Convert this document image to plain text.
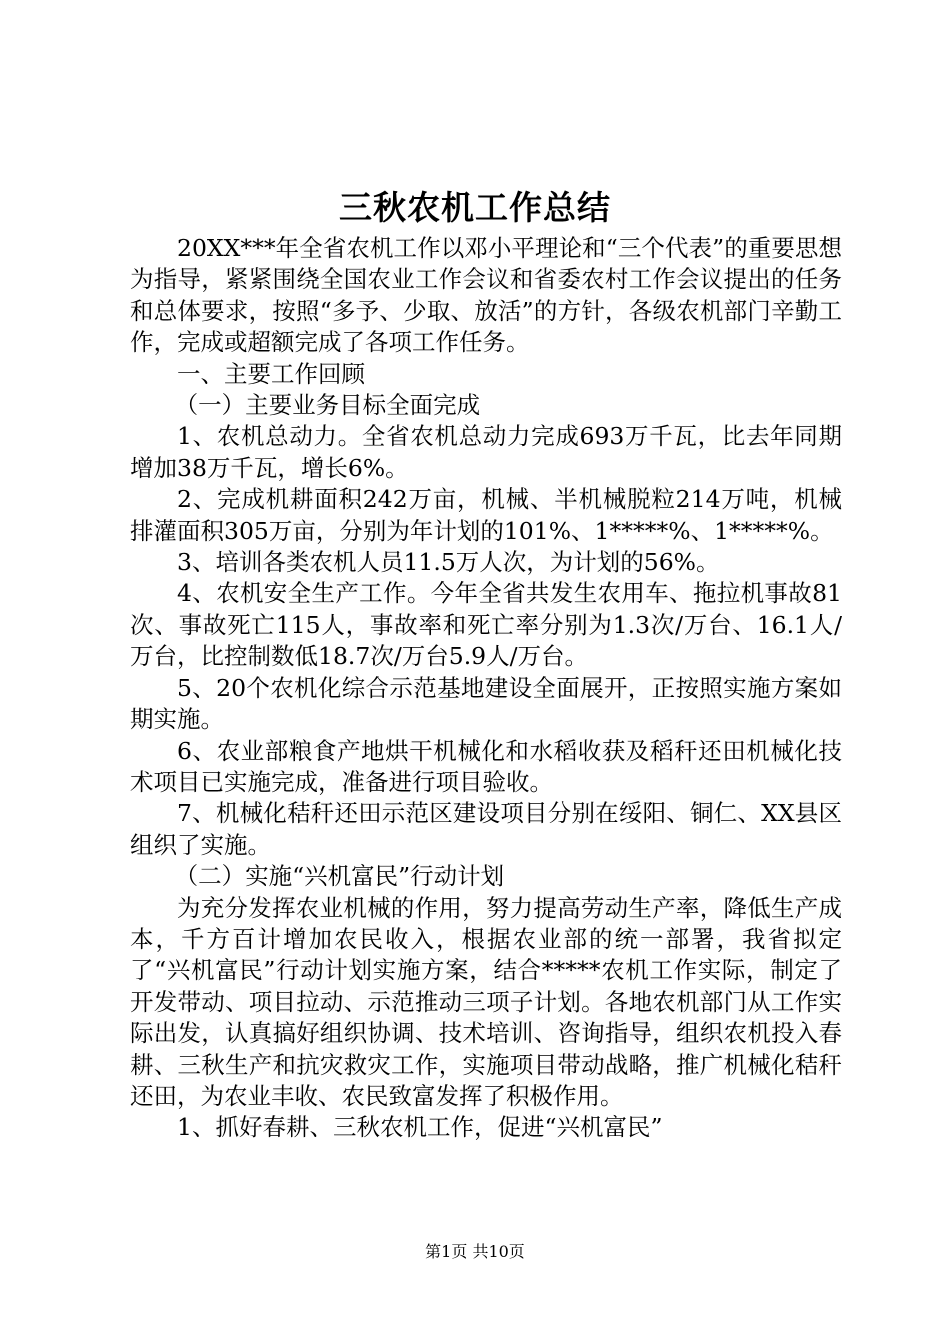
三秋农机工作总结

20XX***年全省农机工作以邓小平理论和“三个代表”的重要思想为指导，紧紧围绕全国农业工作会议和省委农村工作会议提出的任务和总体要求，按照“多予、少取、放活”的方针，各级农机部门辛勤工作，完成或超额完成了各项工作任务。

一、主要工作回顾

（一）主要业务目标全面完成

1、农机总动力。全省农机总动力完成693万千瓦，比去年同期增加38万千瓦，增长6%。

2、完成机耕面积242万亩，机械、半机械脱粒214万吨，机械排灌面积305万亩，分别为年计划的101%、1*****%、1*****%。

3、培训各类农机人员11.5万人次，为计划的56%。

4、农机安全生产工作。今年全省共发生农用车、拖拉机事故81次、事故死亡115人，事故率和死亡率分别为1.3次/万台、16.1人/万台，比控制数低18.7次/万台5.9人/万台。

5、20个农机化综合示范基地建设全面展开，正按照实施方案如期实施。

6、农业部粮食产地烘干机械化和水稻收获及稻秆还田机械化技术项目已实施完成，准备进行项目验收。

7、机械化秸秆还田示范区建设项目分别在绥阳、铜仁、XX县区组织了实施。

（二）实施“兴机富民”行动计划

为充分发挥农业机械的作用，努力提高劳动生产率，降低生产成本，千方百计增加农民收入，根据农业部的统一部署，我省拟定了“兴机富民”行动计划实施方案，结合*****农机工作实际，制定了开发带动、项目拉动、示范推动三项子计划。各地农机部门从工作实际出发，认真搞好组织协调、技术培训、咨询指导，组织农机投入春耕、三秋生产和抗灾救灾工作，实施项目带动战略，推广机械化秸秆还田，为农业丰收、农民致富发挥了积极作用。

1、抓好春耕、三秋农机工作，促进“兴机富民”

第1页 共10页
